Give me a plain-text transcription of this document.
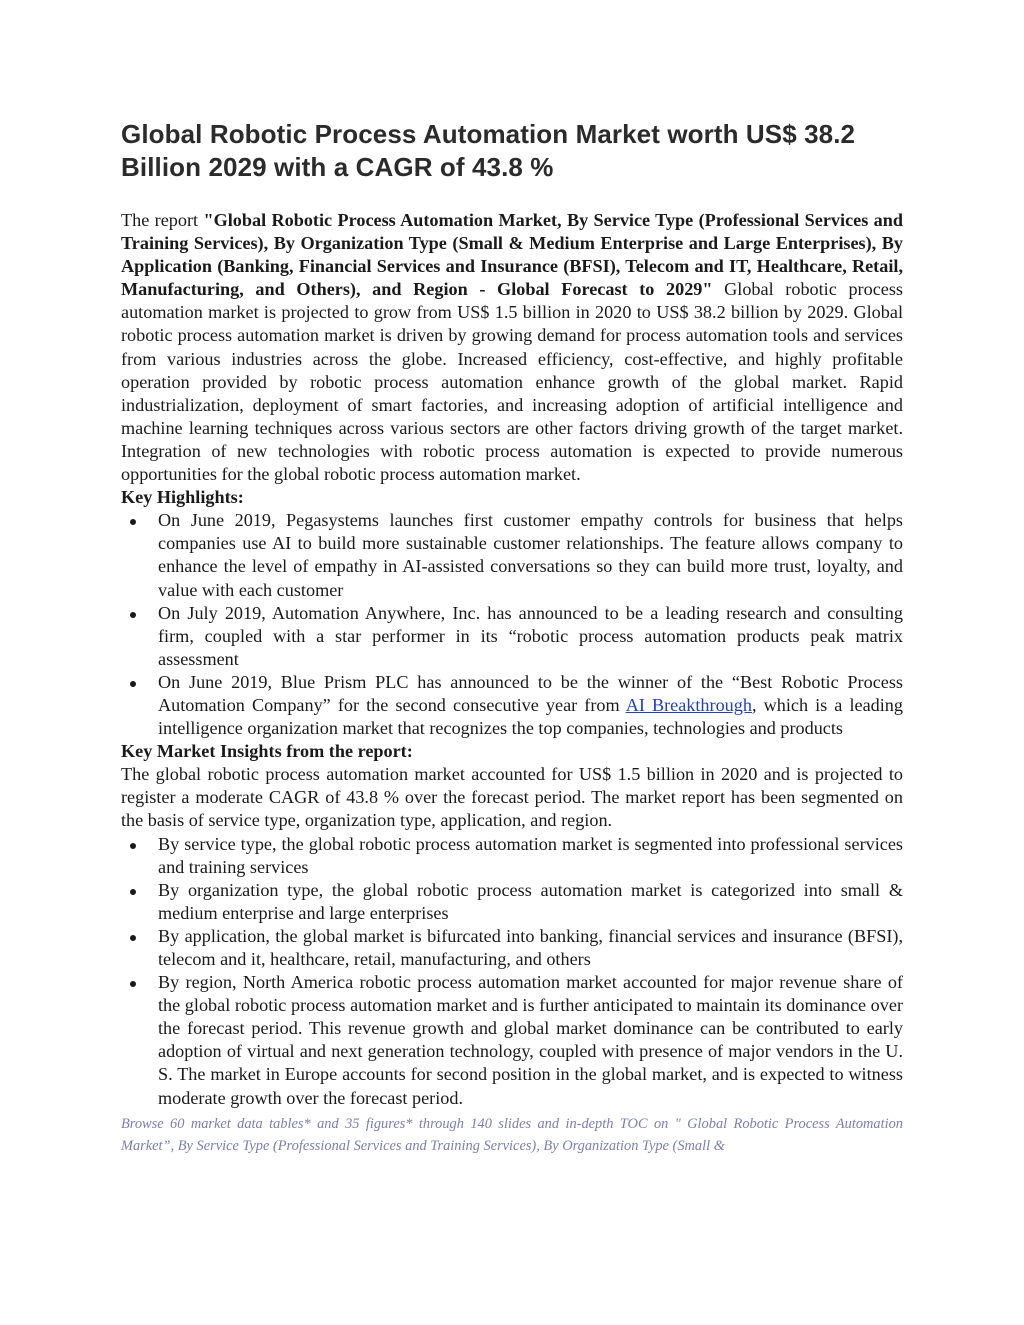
Global Robotic Process Automation Market worth US$ 38.2 Billion 2029 with a CAGR of 43.8 %

The report "Global Robotic Process Automation Market, By Service Type (Professional Services and Training Services), By Organization Type (Small & Medium Enterprise and Large Enterprises), By Application (Banking, Financial Services and Insurance (BFSI), Telecom and IT, Healthcare, Retail, Manufacturing, and Others), and Region - Global Forecast to 2029" Global robotic process automation market is projected to grow from US$ 1.5 billion in 2020 to US$ 38.2 billion by 2029. Global robotic process automation market is driven by growing demand for process automation tools and services from various industries across the globe. Increased efficiency, cost-effective, and highly profitable operation provided by robotic process automation enhance growth of the global market. Rapid industrialization, deployment of smart factories, and increasing adoption of artificial intelligence and machine learning techniques across various sectors are other factors driving growth of the target market. Integration of new technologies with robotic process automation is expected to provide numerous opportunities for the global robotic process automation market.

Key Highlights:
On June 2019, Pegasystems launches first customer empathy controls for business that helps companies use AI to build more sustainable customer relationships. The feature allows company to enhance the level of empathy in AI-assisted conversations so they can build more trust, loyalty, and value with each customer
On July 2019, Automation Anywhere, Inc. has announced to be a leading research and consulting firm, coupled with a star performer in its “robotic process automation products peak matrix assessment
On June 2019, Blue Prism PLC has announced to be the winner of the “Best Robotic Process Automation Company” for the second consecutive year from AI Breakthrough, which is a leading intelligence organization market that recognizes the top companies, technologies and products
Key Market Insights from the report:

The global robotic process automation market accounted for US$ 1.5 billion in 2020 and is projected to register a moderate CAGR of 43.8 % over the forecast period. The market report has been segmented on the basis of service type, organization type, application, and region.

By service type, the global robotic process automation market is segmented into professional services and training services
By organization type, the global robotic process automation market is categorized into small & medium enterprise and large enterprises
By application, the global market is bifurcated into banking, financial services and insurance (BFSI), telecom and it, healthcare, retail, manufacturing, and others
By region, North America robotic process automation market accounted for major revenue share of the global robotic process automation market and is further anticipated to maintain its dominance over the forecast period. This revenue growth and global market dominance can be contributed to early adoption of virtual and next generation technology, coupled with presence of major vendors in the U. S. The market in Europe accounts for second position in the global market, and is expected to witness moderate growth over the forecast period.

Browse 60 market data tables* and 35 figures* through 140 slides and in-depth TOC on " Global Robotic Process Automation Market”, By Service Type (Professional Services and Training Services), By Organization Type (Small &
